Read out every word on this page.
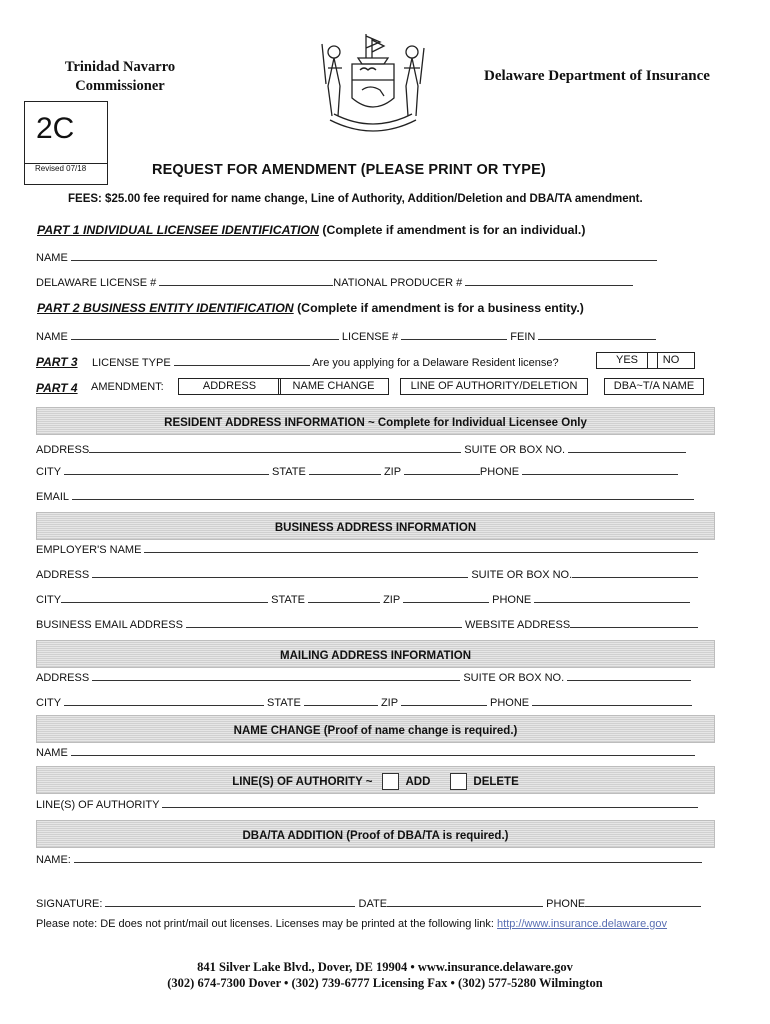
Trinidad Navarro
Commissioner
Delaware Department of Insurance
2C
Revised 07/18	REQUEST FOR AMENDMENT (PLEASE PRINT OR TYPE)
FEES: $25.00 fee required for name change, Line of Authority, Addition/Deletion and DBA/TA amendment.
PART 1 INDIVIDUAL LICENSEE IDENTIFICATION (Complete if amendment is for an individual.)
NAME
DELAWARE LICENSE #	NATIONAL PRODUCER #
PART 2 BUSINESS ENTITY IDENTIFICATION (Complete if amendment is for a business entity.)
NAME	LICENSE #	FEIN
PART 3 LICENSE TYPE	Are you applying for a Delaware Resident license?	YES	NO
PART 4 AMENDMENT:	ADDRESS	NAME CHANGE	LINE OF AUTHORITY/DELETION	DBA~T/A NAME
RESIDENT ADDRESS INFORMATION ~ Complete for Individual Licensee Only
ADDRESS	SUITE OR BOX NO.
CITY	STATE	ZIP	PHONE
EMAIL
BUSINESS ADDRESS INFORMATION
EMPLOYER'S NAME
ADDRESS	SUITE OR BOX NO.
CITY	STATE	ZIP	PHONE
BUSINESS EMAIL ADDRESS	WEBSITE ADDRESS
MAILING ADDRESS INFORMATION
ADDRESS	SUITE OR BOX NO.
CITY	STATE	ZIP	PHONE
NAME CHANGE (Proof of name change is required.)
NAME
LINE(S) OF AUTHORITY ~	ADD	DELETE
LINE(S) OF AUTHORITY
DBA/TA ADDITION (Proof of DBA/TA is required.)
NAME:
SIGNATURE:	DATE	PHONE
Please note: DE does not print/mail out licenses. Licenses may be printed at the following link: http://www.insurance.delaware.gov
841 Silver Lake Blvd., Dover, DE 19904 • www.insurance.delaware.gov
(302) 674-7300 Dover • (302) 739-6777 Licensing Fax • (302) 577-5280 Wilmington
